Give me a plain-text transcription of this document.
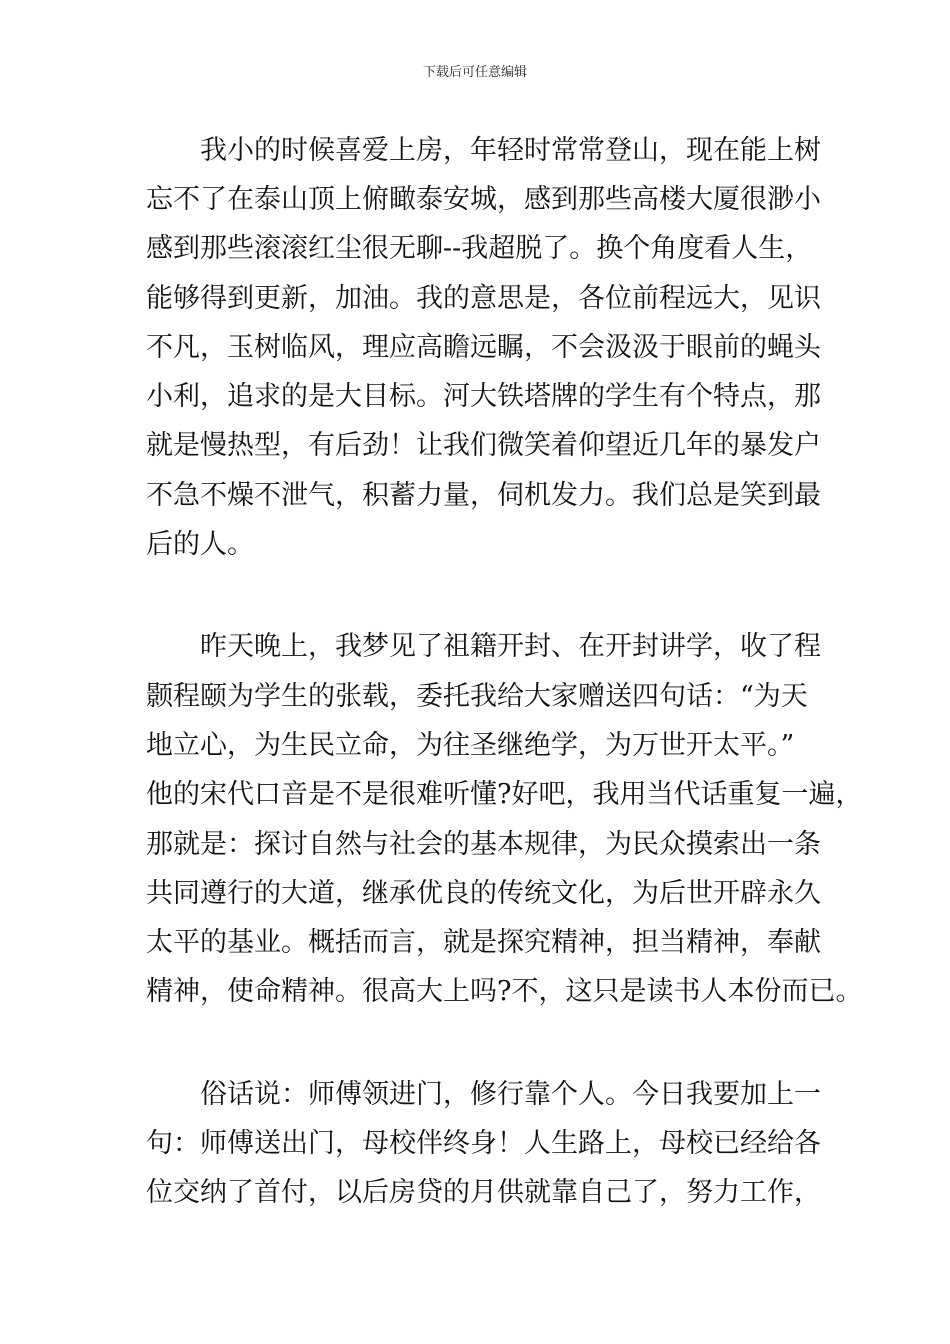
下载后可任意编辑
我小的时候喜爱上房，年轻时常常登山，现在能上树
忘不了在泰山顶上俯瞰泰安城，感到那些高楼大厦很渺小
感到那些滚滚红尘很无聊--我超脱了。换个角度看人生，
能够得到更新，加油。我的意思是，各位前程远大，见识
不凡，玉树临风，理应高瞻远瞩，不会汲汲于眼前的蝇头
小利，追求的是大目标。河大铁塔牌的学生有个特点，那
就是慢热型，有后劲！让我们微笑着仰望近几年的暴发户
不急不燥不泄气，积蓄力量，伺机发力。我们总是笑到最
后的人。
昨天晚上，我梦见了祖籍开封、在开封讲学，收了程
颢程颐为学生的张载，委托我给大家赠送四句话：“为天
地立心，为生民立命，为往圣继绝学，为万世开太平。”
他的宋代口音是不是很难听懂?好吧，我用当代话重复一遍，
那就是：探讨自然与社会的基本规律，为民众摸索出一条
共同遵行的大道，继承优良的传统文化，为后世开辟永久
太平的基业。概括而言，就是探究精神，担当精神，奉献
精神，使命精神。很高大上吗?不，这只是读书人本份而已。
俗话说：师傅领进门，修行靠个人。今日我要加上一
句：师傅送出门，母校伴终身！人生路上，母校已经给各
位交纳了首付，以后房贷的月供就靠自己了，努力工作，
